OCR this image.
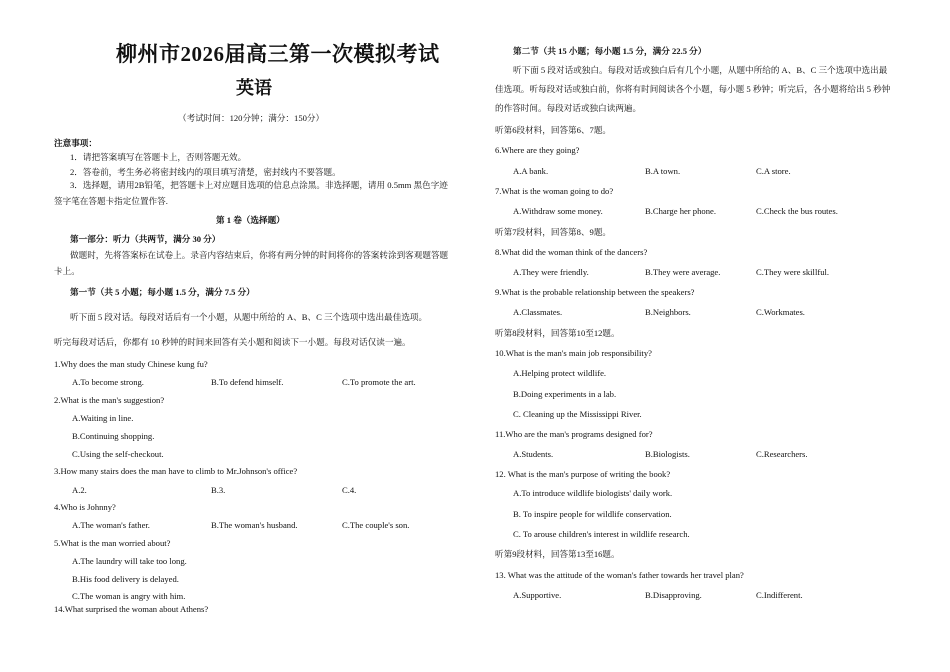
柳州市2026届高三第一次模拟考试
英语
（考试时间：120分钟；满分：150分）
注意事项：
1．请把答案填写在答题卡上，否则答题无效。
2．答卷前，考生务必将密封线内的项目填写清楚，密封线内不要答题。
3．选择题，请用2B铅笔，把答题卡上对应题目选项的信息点涂黑。非选择题，请用 0.5mm 黑色字迹签字笔在答题卡指定位置作答.
第 1 卷（选择题）
第一部分：听力（共两节，满分 30 分）
做题时，先将答案标在试卷上。录音内容结束后，你将有两分钟的时间将你的答案转涂到客观题答题卡上。
第一节（共 5 小题；每小题 1.5 分，满分 7.5 分）
听下面 5 段对话。每段对话后有一个小题，从题中所给的 A、B、C 三个选项中选出最佳选项。
听完每段对话后，你都有 10 秒钟的时间来回答有关小题和阅读下一小题。每段对话仅读一遍。
1.Why does the man study Chinese kung fu?
A.To become strong.	B.To defend himself.	C.To promote the art.
2.What is the man's suggestion?
A.Waiting in line.
B.Continuing shopping.
C.Using the self-checkout.
3.How many stairs does the man have to climb to Mr.Johnson's office?
A.2.	B.3.	C.4.
4.Who is Johnny?
A.The woman's father.	B.The woman's husband.	C.The couple's son.
5.What is the man worried about?
A.The laundry will take too long.
B.His food delivery is delayed.
C.The woman is angry with him.
14.What surprised the woman about Athens?
第二节（共 15 小题；每小题 1.5 分，满分 22.5 分）
听下面 5 段对话或独白。每段对话或独白后有几个小题，从题中所给的 A、B、C 三个选项中选出最佳选项。听每段对话或独白前，你将有时间阅读各个小题，每小题 5 秒钟；听完后，各小题将给出 5 秒钟的作答时间。每段对话或独白读两遍。
听第6段材料，回答第6、7题。
6.Where are they going?
A.A bank.	B.A town.	C.A store.
7.What is the woman going to do?
A.Withdraw some money.	B.Charge her phone.	C.Check the bus routes.
听第7段材料，回答第8、9题。
8.What did the woman think of the dancers?
A.They were friendly.	B.They were average.	C.They were skillful.
9.What is the probable relationship between the speakers?
A.Classmates.	B.Neighbors.	C.Workmates.
听第8段材料，回答第10至12题。
10.What is the man's main job responsibility?
A.Helping protect wildlife.
B.Doing experiments in a lab.
C. Cleaning up the Mississippi River.
11.Who are the man's programs designed for?
A.Students.	B.Biologists.	C.Researchers.
12. What is the man's purpose of writing the book?
A.To introduce wildlife biologists' daily work.
B. To inspire people for wildlife conservation.
C. To arouse children's interest in wildlife research.
听第9段材料，回答第13至16题。
13. What was the attitude of the woman's father towards her travel plan?
A.Supportive.	B.Disapproving.	C.Indifferent.
